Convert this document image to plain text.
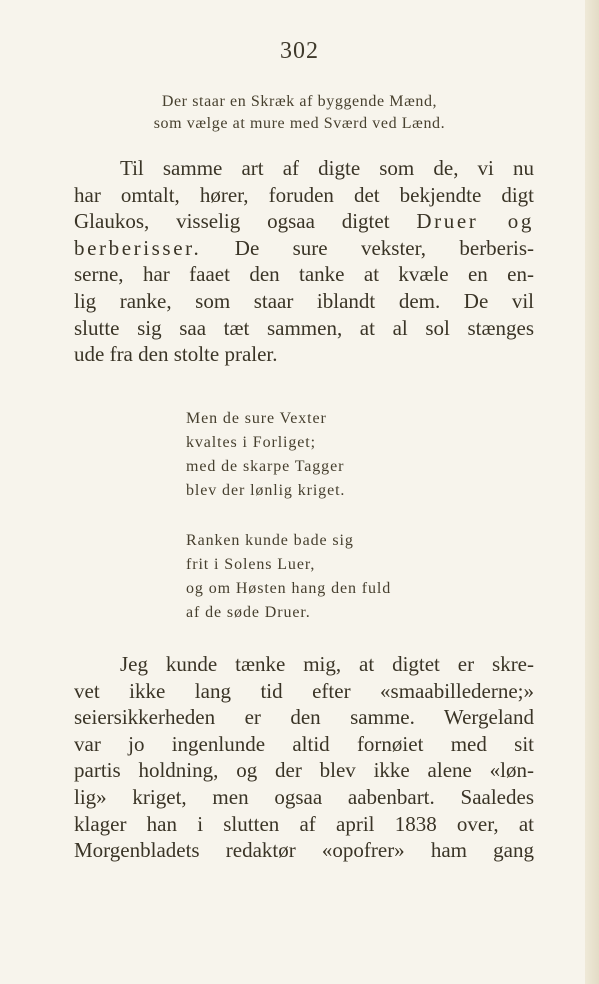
302
Der staar en Skræk af byggende Mænd,
som vælge at mure med Sværd ved Lænd.
Til samme art af digte som de, vi nu
har omtalt, hører, foruden det bekjendte digt
Glaukos, visselig ogsaa digtet Druer og
berberisser. De sure vekster, berberis-
serne, har faaet den tanke at kvæle en en-
lig ranke, som staar iblandt dem. De vil
slutte sig saa tæt sammen, at al sol stænges
ude fra den stolte praler.
Men de sure Vexter
kvaltes i Forliget;
med de skarpe Tagger
blev der lønlig kriget.
Ranken kunde bade sig
frit i Solens Luer,
og om Høsten hang den fuld
af de søde Druer.
Jeg kunde tænke mig, at digtet er skre-
vet ikke lang tid efter «smaabillederne;»
seiersikkerheden er den samme. Wergeland
var jo ingenlunde altid fornøiet med sit
partis holdning, og der blev ikke alene «løn-
lig» kriget, men ogsaa aabenbart. Saaledes
klager han i slutten af april 1838 over, at
Morgenbladets redaktør «opofrer» ham gang
